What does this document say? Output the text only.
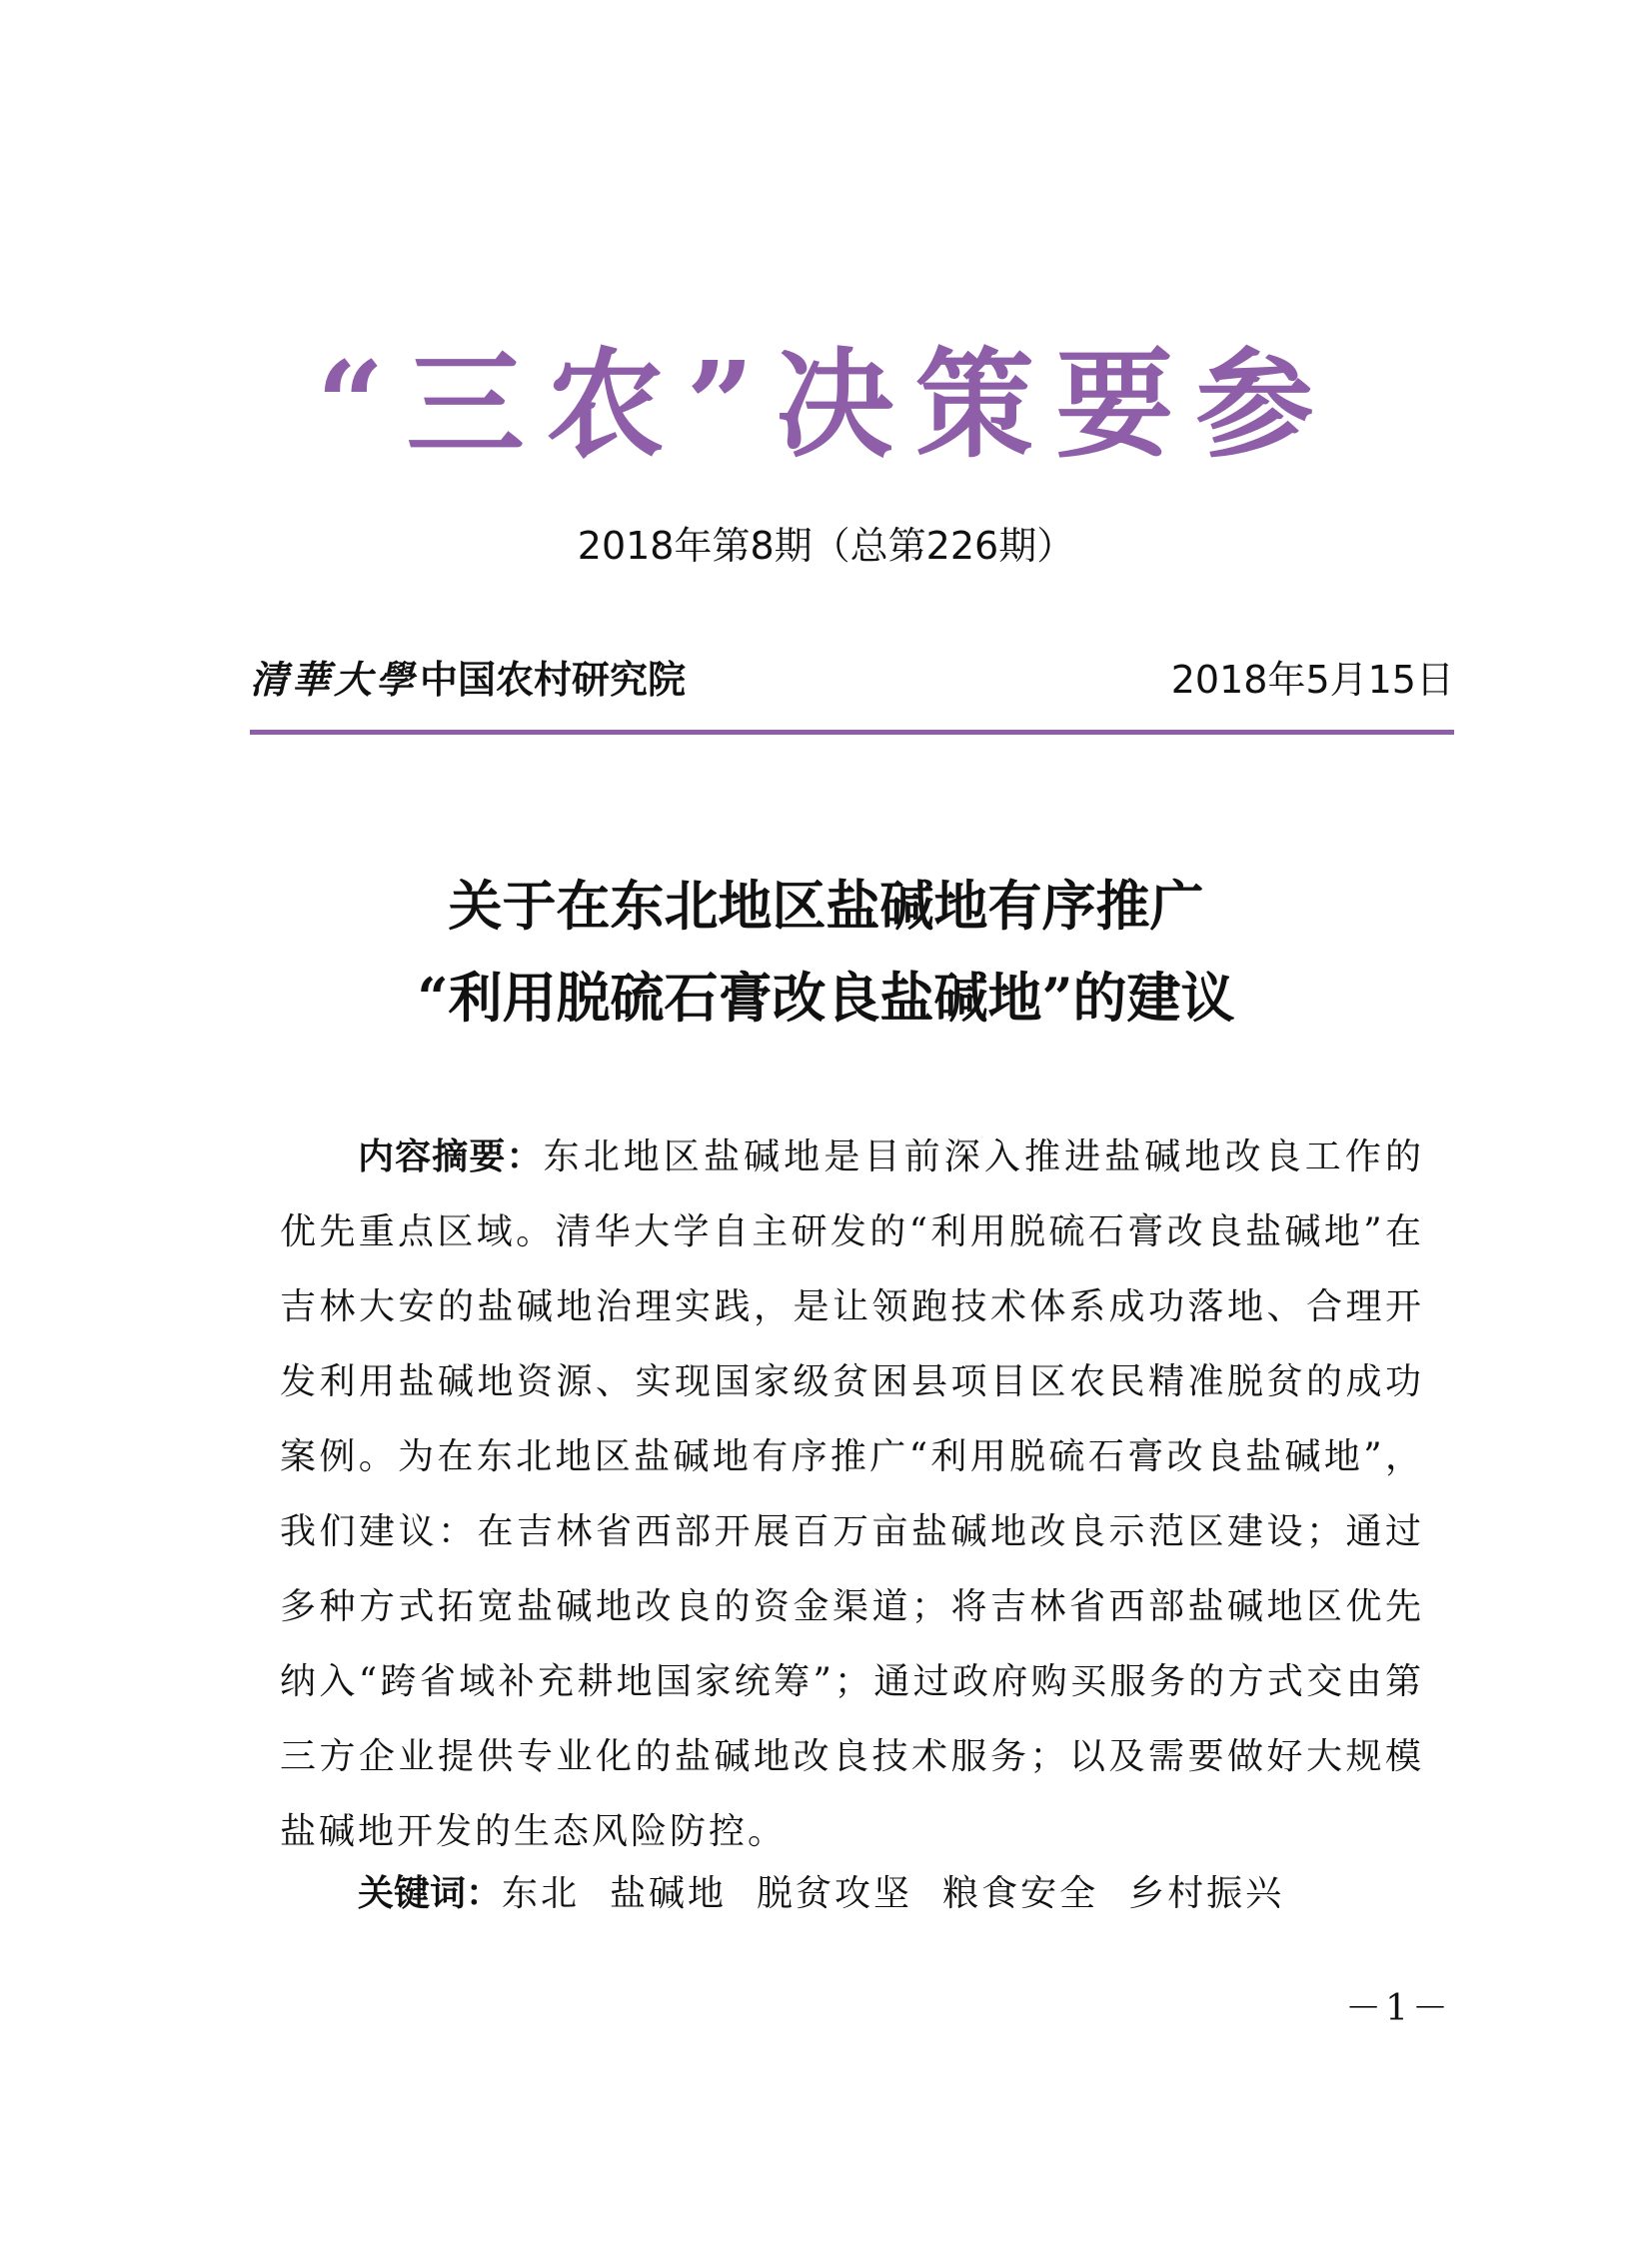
“三农”决策要参
2018年第8期（总第226期）
清華大學 中国农村研究院	2018年5月15日
关于在东北地区盐碱地有序推广
“利用脱硫石膏改良盐碱地”的建议
内容摘要：东北地区盐碱地是目前深入推进盐碱地改良工作的优先重点区域。清华大学自主研发的“利用脱硫石膏改良盐碱地”在吉林大安的盐碱地治理实践，是让领跑技术体系成功落地、合理开发利用盐碱地资源、实现国家级贫困县项目区农民精准脱贫的成功案例。为在东北地区盐碱地有序推广“利用脱硫石膏改良盐碱地”，我们建议：在吉林省西部开展百万亩盐碱地改良示范区建设；通过多种方式拓宽盐碱地改良的资金渠道；将吉林省西部盐碱地区优先纳入“跨省域补充耕地国家统筹”；通过政府购买服务的方式交由第三方企业提供专业化的盐碱地改良技术服务；以及需要做好大规模盐碱地开发的生态风险防控。
关键词：东北 盐碱地 脱贫攻坚 粮食安全 乡村振兴
－1－
